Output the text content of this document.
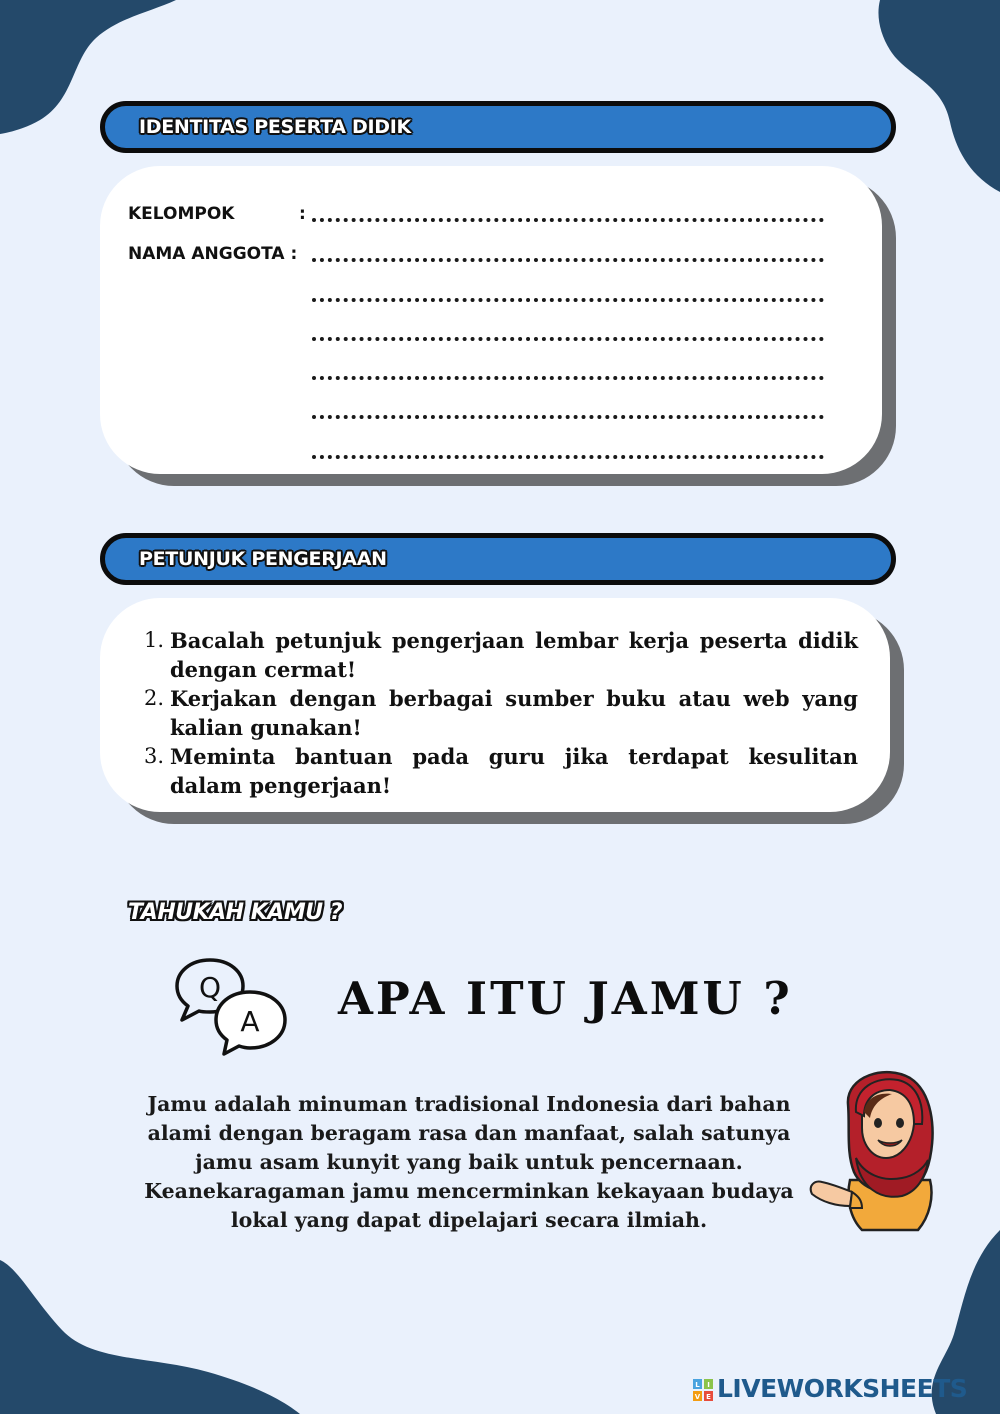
IDENTITAS PESERTA DIDIK
KELOMPOK	:
NAMA ANGGOTA :
PETUNJUK PENGERJAAN
1. Bacalah petunjuk pengerjaan lembar kerja peserta didik dengan cermat!
2. Kerjakan dengan berbagai sumber buku atau web yang kalian gunakan!
3. Meminta bantuan pada guru jika terdapat kesulitan dalam pengerjaan!
TAHUKAH KAMU ?
Q
A APA ITU JAMU ?
Jamu adalah minuman tradisional Indonesia dari bahan alami dengan beragam rasa dan manfaat, salah satunya jamu asam kunyit yang baik untuk pencernaan. Keanekaragaman jamu mencerminkan kekayaan budaya lokal yang dapat dipelajari secara ilmiah.
L I
V E LIVEWORKSHEETS
